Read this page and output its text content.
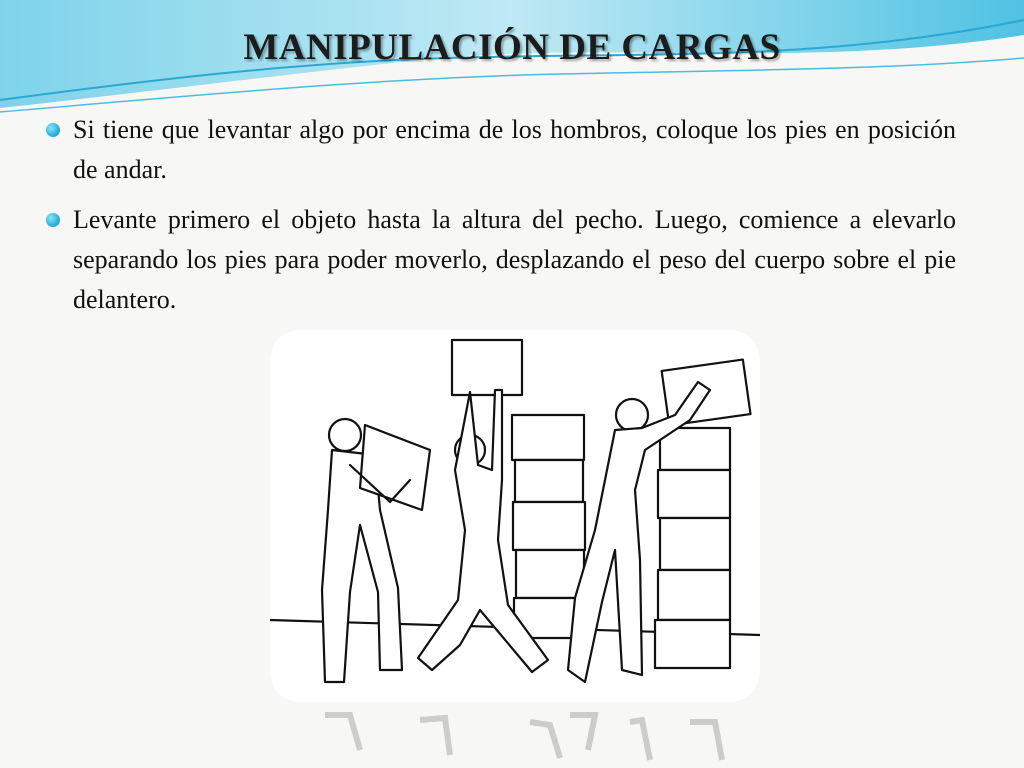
MANIPULACIÓN DE CARGAS
Si tiene que levantar algo por encima de los hombros, coloque los pies en posición de andar.
Levante primero el objeto hasta la altura del pecho. Luego, comience a elevarlo separando los pies para poder moverlo, desplazando el peso del cuerpo sobre el pie delantero.
